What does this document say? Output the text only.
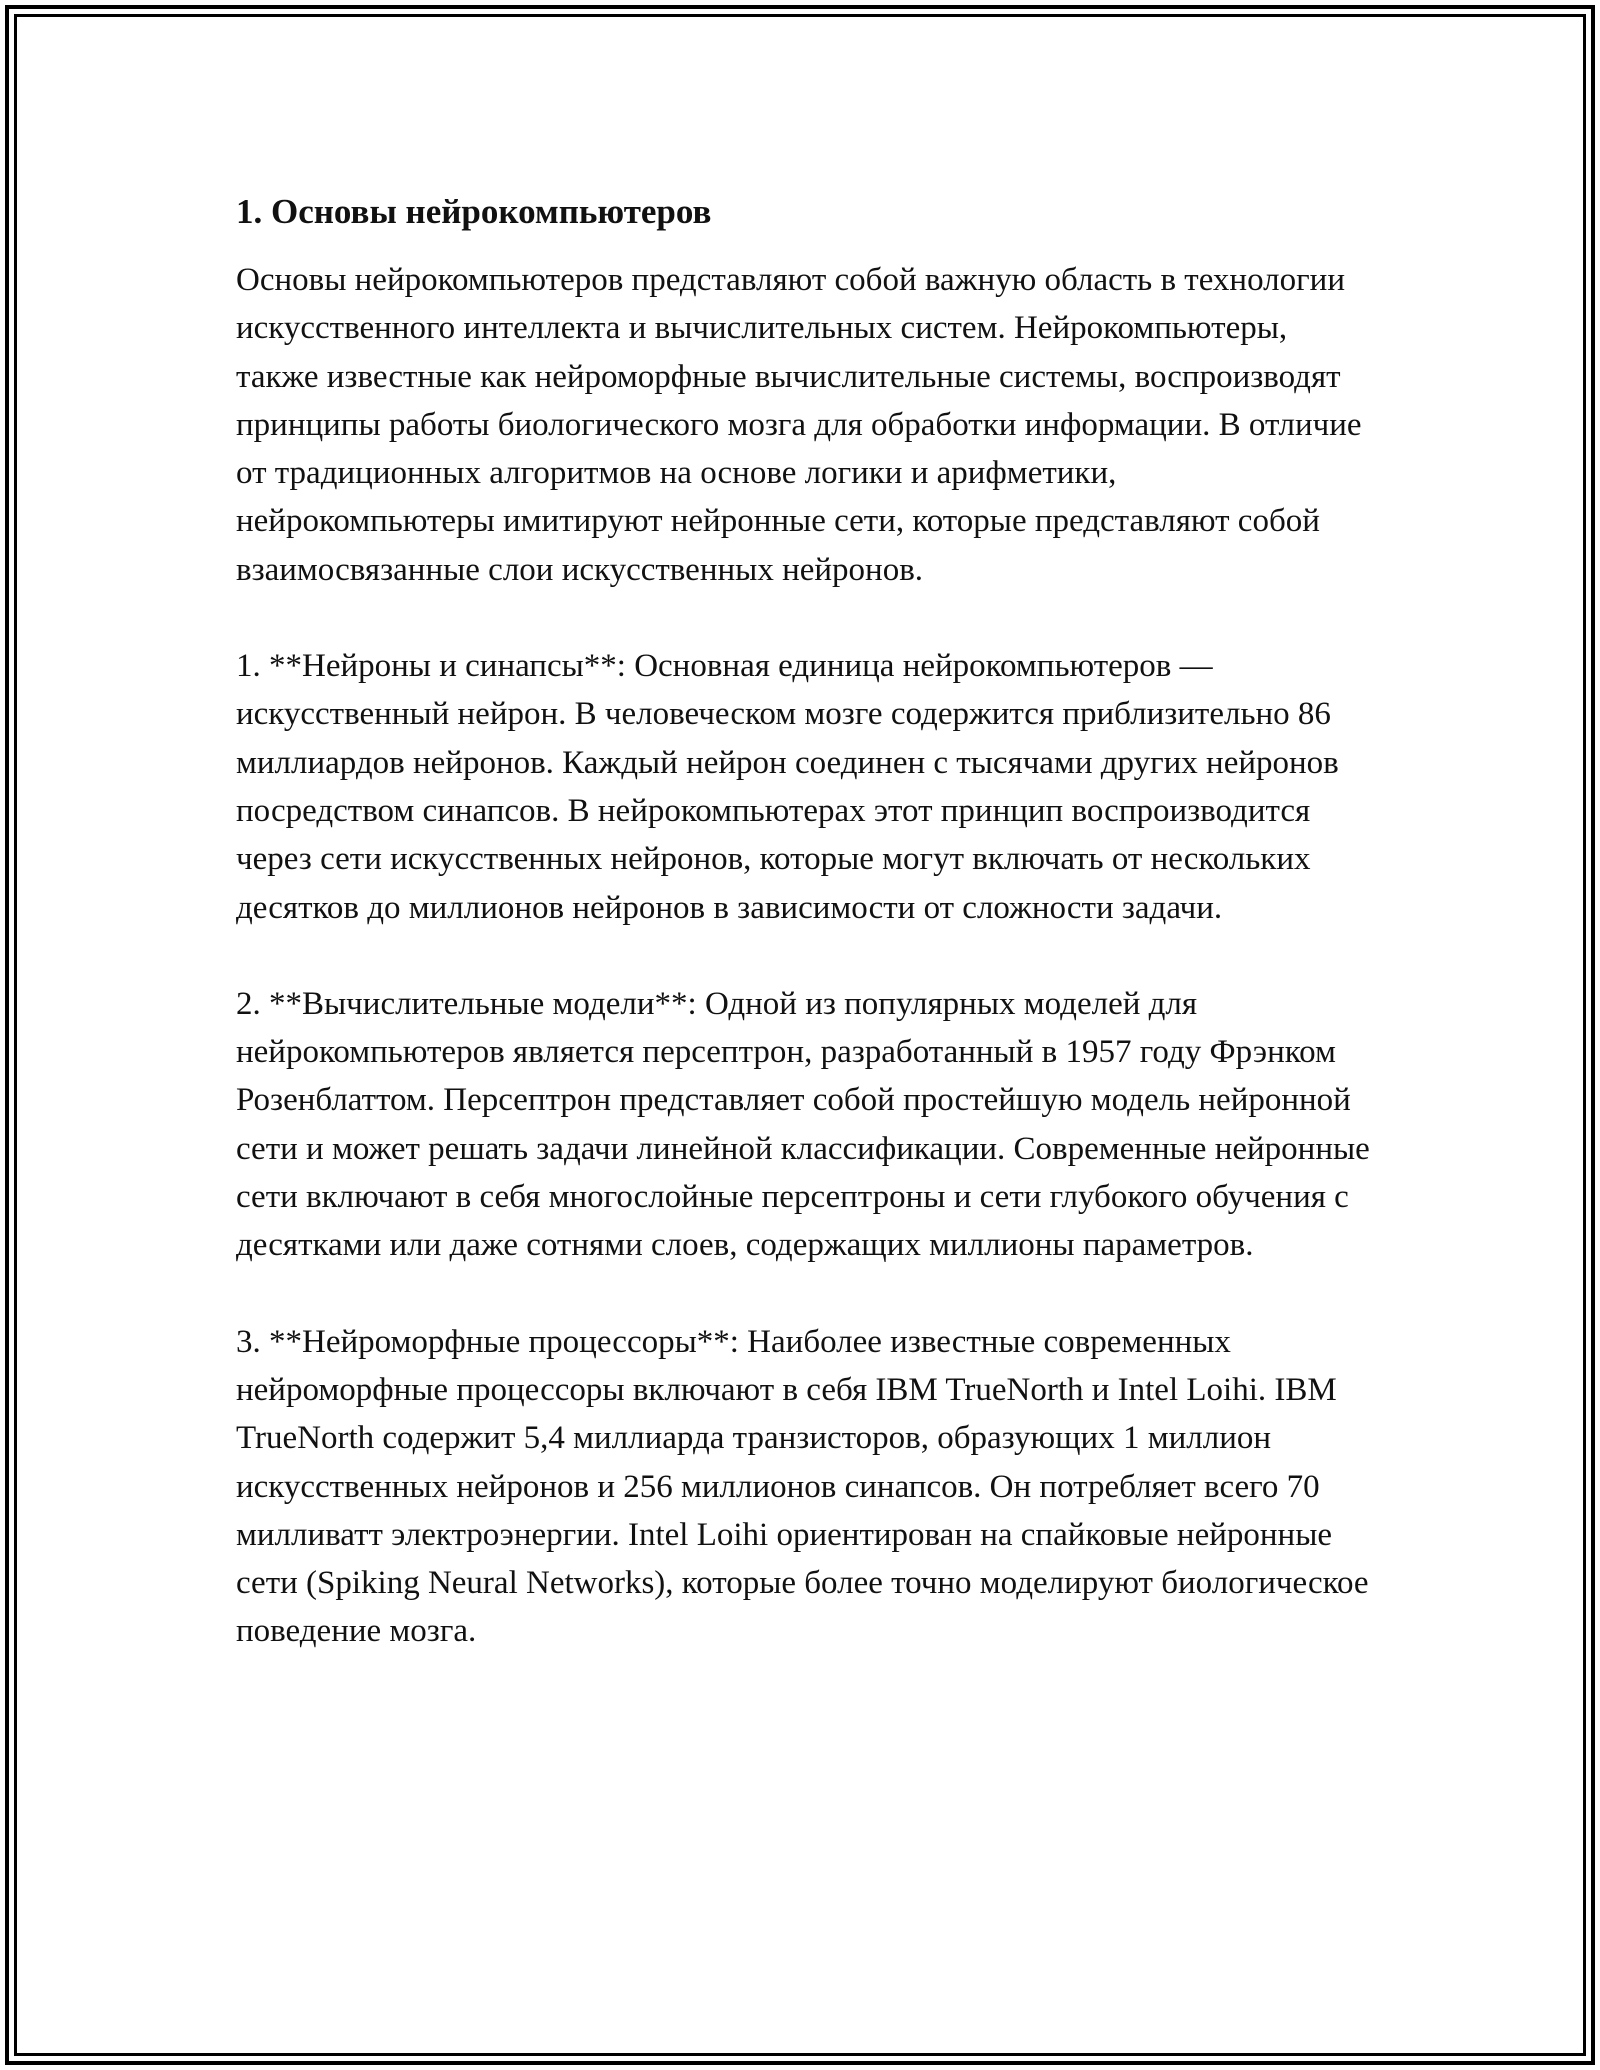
1. Основы нейрокомпьютеров

Основы нейрокомпьютеров представляют собой важную область в технологии искусственного интеллекта и вычислительных систем. Нейрокомпьютеры, также известные как нейроморфные вычислительные системы, воспроизводят принципы работы биологического мозга для обработки информации. В отличие от традиционных алгоритмов на основе логики и арифметики, нейрокомпьютеры имитируют нейронные сети, которые представляют собой взаимосвязанные слои искусственных нейронов.

1. **Нейроны и синапсы**: Основная единица нейрокомпьютеров — искусственный нейрон. В человеческом мозге содержится приблизительно 86 миллиардов нейронов. Каждый нейрон соединен с тысячами других нейронов посредством синапсов. В нейрокомпьютерах этот принцип воспроизводится через сети искусственных нейронов, которые могут включать от нескольких десятков до миллионов нейронов в зависимости от сложности задачи.

2. **Вычислительные модели**: Одной из популярных моделей для нейрокомпьютеров является персептрон, разработанный в 1957 году Фрэнком Розенблаттом. Персептрон представляет собой простейшую модель нейронной сети и может решать задачи линейной классификации. Современные нейронные сети включают в себя многослойные персептроны и сети глубокого обучения с десятками или даже сотнями слоев, содержащих миллионы параметров.

3. **Нейроморфные процессоры**: Наиболее известные современных нейроморфные процессоры включают в себя IBM TrueNorth и Intel Loihi. IBM TrueNorth содержит 5,4 миллиарда транзисторов, образующих 1 миллион искусственных нейронов и 256 миллионов синапсов. Он потребляет всего 70 милливатт электроэнергии. Intel Loihi ориентирован на спайковые нейронные сети (Spiking Neural Networks), которые более точно моделируют биологическое поведение мозга.
